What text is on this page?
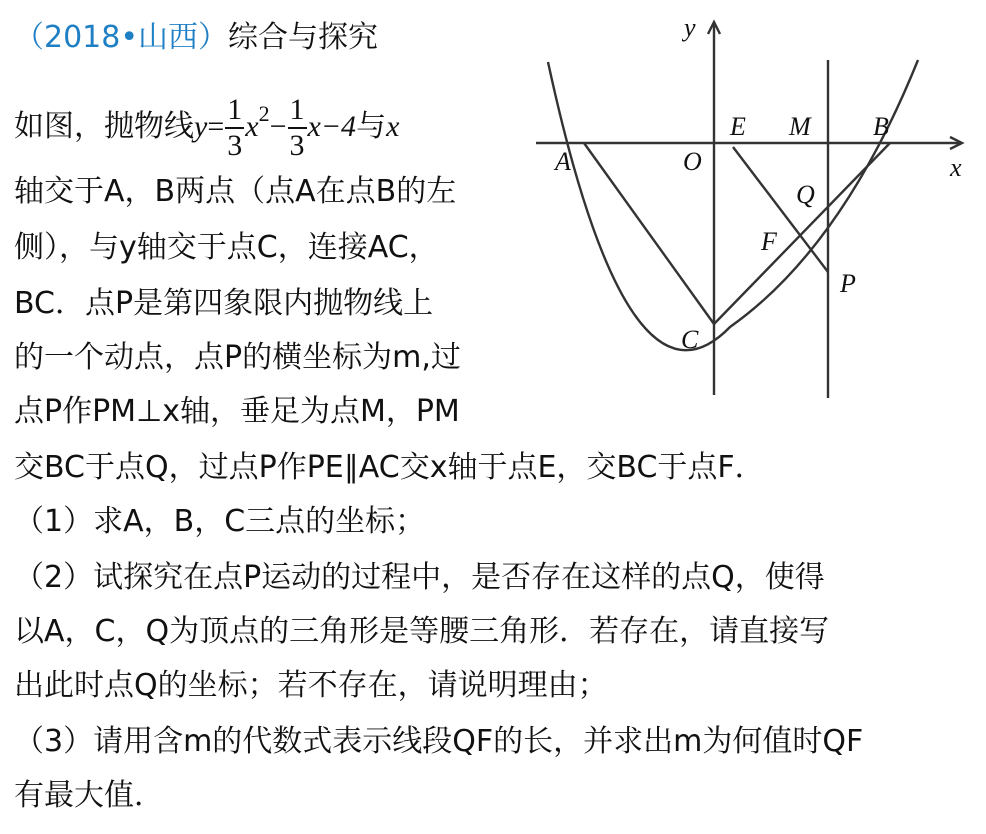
（2018•山西）综合与探究
如图，抛物线$y= \frac{1}{3} x^2- \frac{1}{3} x-4$与x
轴交于A，B两点（点A在点B的左
侧），与y轴交于点C，连接AC，
BC．点P是第四象限内抛物线上
的一个动点，点P的横坐标为m,过
点P作PM⊥x轴，垂足为点M，PM
交BC于点Q，过点P作PE∥AC交x轴于点E，交BC于点F．
（1）求A，B，C三点的坐标；
（2）试探究在点P运动的过程中，是否存在这样的点Q，使得
以A，C，Q为顶点的三角形是等腰三角形．若存在，请直接写
出此时点Q的坐标；若不存在，请说明理由；
（3）请用含m的代数式表示线段QF的长，并求出m为何值时QF
有最大值．
y
x
O
A
B
C
E M
Q
F
P
